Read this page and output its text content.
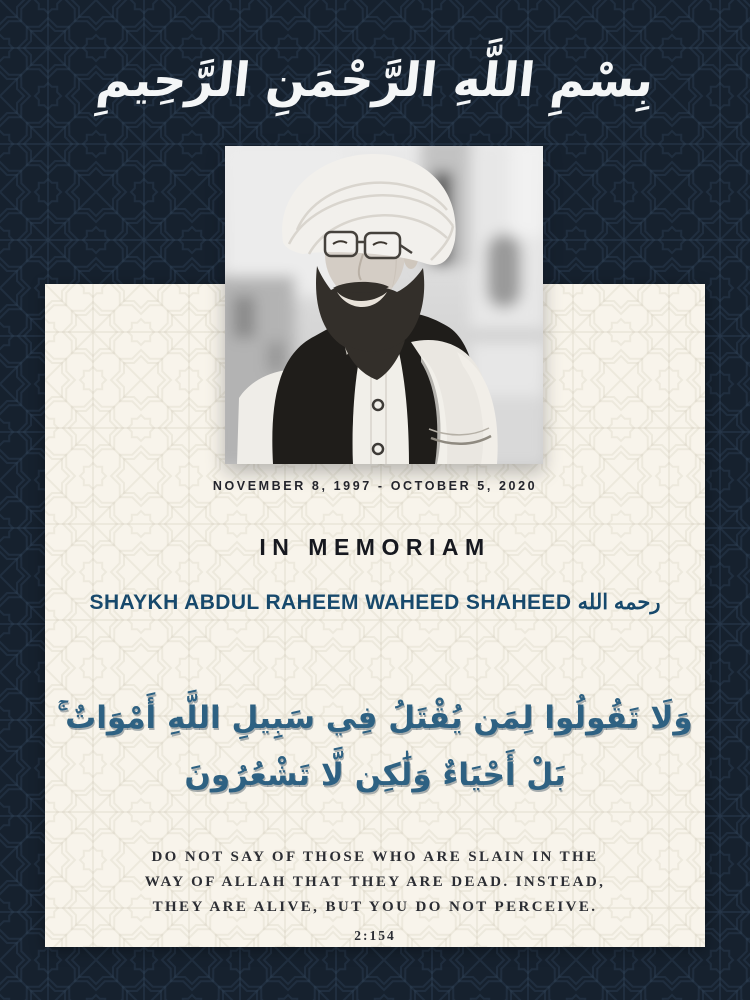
بِسْمِ اللَّهِ الرَّحْمَنِ الرَّحِيمِ
NOVEMBER 8, 1997 - OCTOBER 5, 2020
IN MEMORIAM
SHAYKH ABDUL RAHEEM WAHEED SHAHEED رحمه الله
وَلَا تَقُولُوا لِمَن يُقْتَلُ فِي سَبِيلِ اللَّهِ أَمْوَاتٌ ۚ
بَلْ أَحْيَاءٌ وَلَٰكِن لَّا تَشْعُرُونَ
DO NOT SAY OF THOSE WHO ARE SLAIN IN THE
WAY OF ALLAH THAT THEY ARE DEAD. INSTEAD,
THEY ARE ALIVE, BUT YOU DO NOT PERCEIVE.
2:154
